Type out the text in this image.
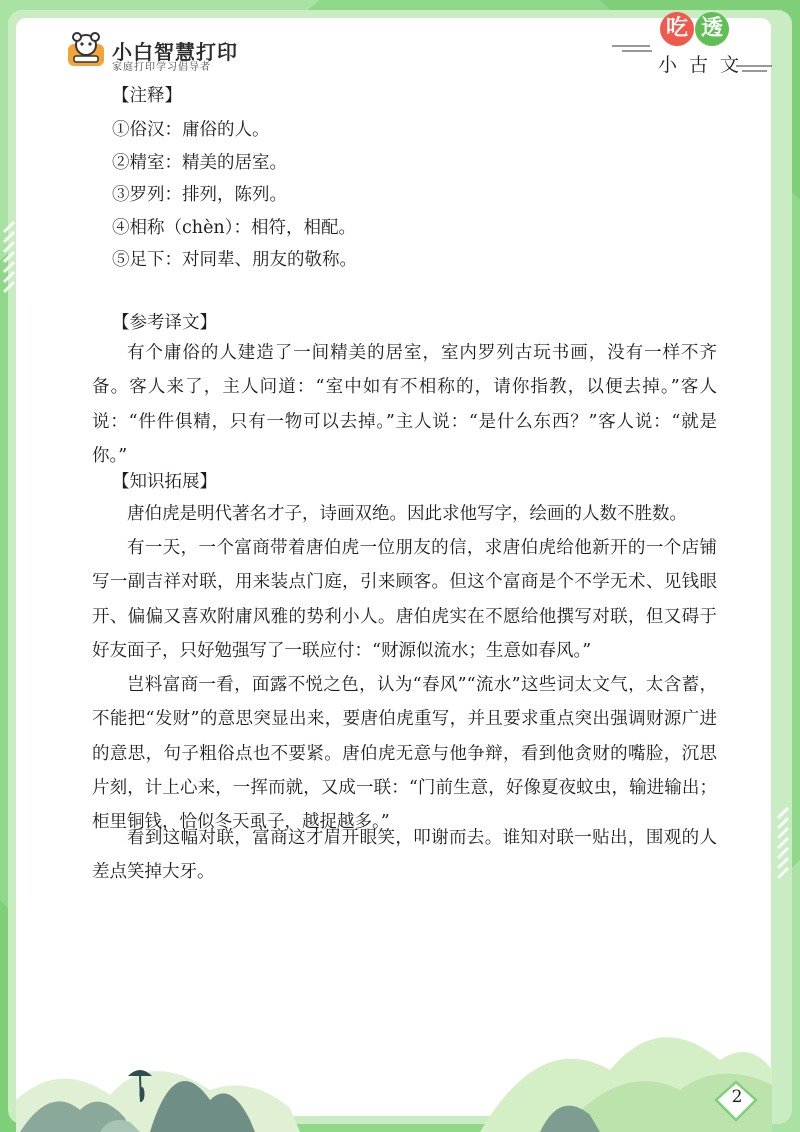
小白智慧打印
家庭打印学习倡导者
吃 透
小古文
【注释】
①俗汉：庸俗的人。
②精室：精美的居室。
③罗列：排列，陈列。
④相称（chèn）：相符，相配。
⑤足下：对同辈、朋友的敬称。
【参考译文】
有个庸俗的人建造了一间精美的居室，室内罗列古玩书画，没有一样不齐备。客人来了，主人问道：“室中如有不相称的，请你指教，以便去掉。”客人说：“件件俱精，只有一物可以去掉。”主人说：“是什么东西？”客人说：“就是你。”
【知识拓展】
唐伯虎是明代著名才子，诗画双绝。因此求他写字，绘画的人数不胜数。
有一天，一个富商带着唐伯虎一位朋友的信，求唐伯虎给他新开的一个店铺写一副吉祥对联，用来装点门庭，引来顾客。但这个富商是个不学无术、见钱眼开、偏偏又喜欢附庸风雅的势利小人。唐伯虎实在不愿给他撰写对联，但又碍于好友面子，只好勉强写了一联应付：“财源似流水；生意如春风。”
岂料富商一看，面露不悦之色，认为“春风”“流水”这些词太文气，太含蓄，不能把“发财”的意思突显出来，要唐伯虎重写，并且要求重点突出强调财源广进的意思，句子粗俗点也不要紧。唐伯虎无意与他争辩，看到他贪财的嘴脸，沉思片刻，计上心来，一挥而就，又成一联：“门前生意，好像夏夜蚊虫，输进输出；柜里铜钱，恰似冬天虱子，越捉越多。”
看到这幅对联，富商这才眉开眼笑，叩谢而去。谁知对联一贴出，围观的人差点笑掉大牙。
2
